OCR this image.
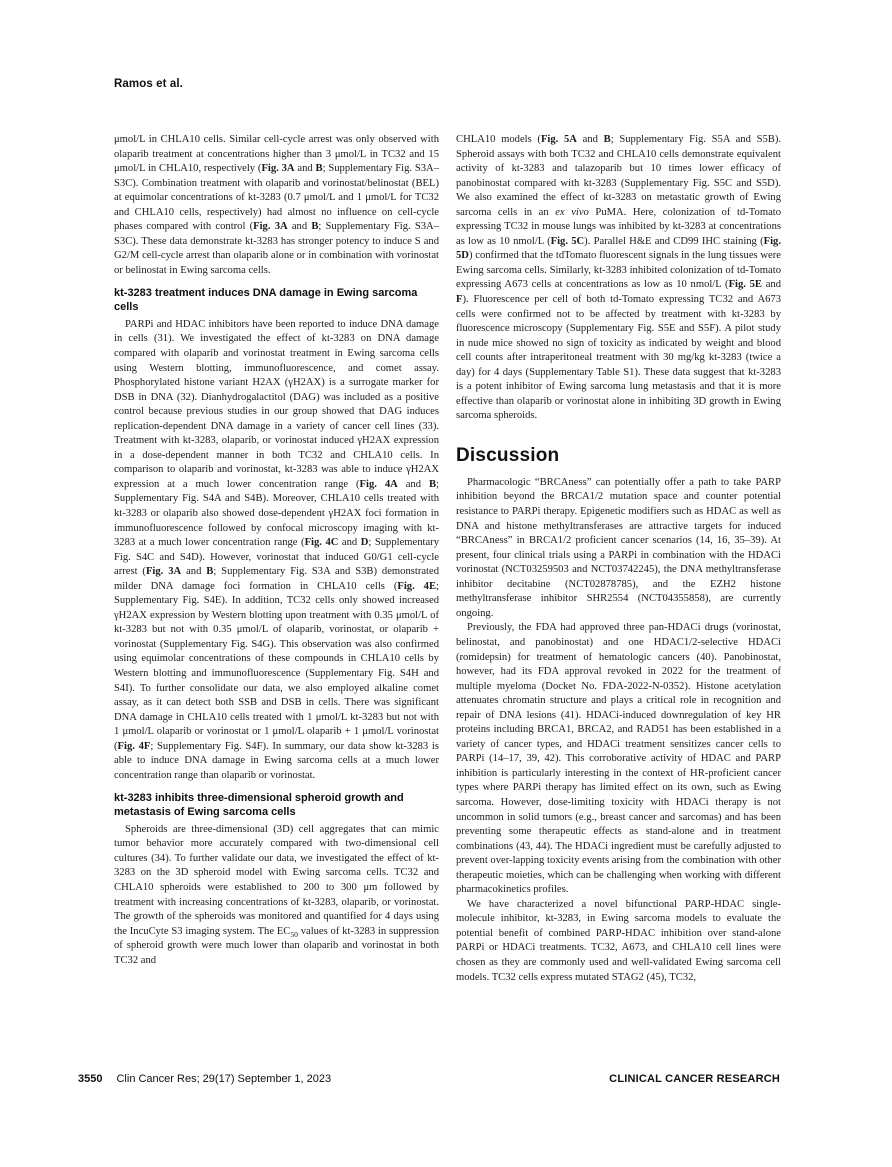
Ramos et al.

μmol/L in CHLA10 cells. Similar cell-cycle arrest was only observed with olaparib treatment at concentrations higher than 3 μmol/L in TC32 and 15 μmol/L in CHLA10, respectively (Fig. 3A and B; Supplementary Fig. S3A–S3C). Combination treatment with olaparib and vorinostat/belinostat (BEL) at equimolar concentrations of kt-3283 (0.7 μmol/L and 1 μmol/L for TC32 and CHLA10 cells, respectively) had almost no influence on cell-cycle phases compared with control (Fig. 3A and B; Supplementary Fig. S3A–S3C). These data demonstrate kt-3283 has stronger potency to induce S and G2/M cell-cycle arrest than olaparib alone or in combination with vorinostat or belinostat in Ewing sarcoma cells.

kt-3283 treatment induces DNA damage in Ewing sarcoma cells

PARPi and HDAC inhibitors have been reported to induce DNA damage in cells (31). We investigated the effect of kt-3283 on DNA damage compared with olaparib and vorinostat treatment in Ewing sarcoma cells using Western blotting, immunofluorescence, and comet assay. Phosphorylated histone variant H2AX (γH2AX) is a surrogate marker for DSB in DNA (32). Dianhydrogalactitol (DAG) was included as a positive control because previous studies in our group showed that DAG induces replication-dependent DNA damage in a variety of cancer cell lines (33). Treatment with kt-3283, olaparib, or vorinostat induced γH2AX expression in a dose-dependent manner in both TC32 and CHLA10 cells. In comparison to olaparib and vorinostat, kt-3283 was able to induce γH2AX expression at a much lower concentration range (Fig. 4A and B; Supplementary Fig. S4A and S4B). Moreover, CHLA10 cells treated with kt-3283 or olaparib also showed dose-dependent γH2AX foci formation in immunofluorescence followed by confocal microscopy imaging with kt-3283 at a much lower concentration range (Fig. 4C and D; Supplementary Fig. S4C and S4D). However, vorinostat that induced G0/G1 cell-cycle arrest (Fig. 3A and B; Supplementary Fig. S3A and S3B) demonstrated milder DNA damage foci formation in CHLA10 cells (Fig. 4E; Supplementary Fig. S4E). In addition, TC32 cells only showed increased γH2AX expression by Western blotting upon treatment with 0.35 μmol/L of kt-3283 but not with 0.35 μmol/L of olaparib, vorinostat, or olaparib + vorinostat (Supplementary Fig. S4G). This observation was also confirmed using equimolar concentrations of these compounds in CHLA10 cells by Western blotting and immunofluorescence (Supplementary Fig. S4H and S4I). To further consolidate our data, we also employed alkaline comet assay, as it can detect both SSB and DSB in cells. There was significant DNA damage in CHLA10 cells treated with 1 μmol/L kt-3283 but not with 1 μmol/L olaparib or vorinostat or 1 μmol/L olaparib + 1 μmol/L vorinostat (Fig. 4F; Supplementary Fig. S4F). In summary, our data show kt-3283 is able to induce DNA damage in Ewing sarcoma cells at a much lower concentration range than olaparib or vorinostat.

kt-3283 inhibits three-dimensional spheroid growth and metastasis of Ewing sarcoma cells

Spheroids are three-dimensional (3D) cell aggregates that can mimic tumor behavior more accurately compared with two-dimensional cell cultures (34). To further validate our data, we investigated the effect of kt-3283 on the 3D spheroid model with Ewing sarcoma cells. TC32 and CHLA10 spheroids were established to 200 to 300 μm followed by treatment with increasing concentrations of kt-3283, olaparib, or vorinostat. The growth of the spheroids was monitored and quantified for 4 days using the IncuCyte S3 imaging system. The $EC_{50}$ values of kt-3283 in suppression of spheroid growth were much lower than olaparib and vorinostat in both TC32 and

CHLA10 models (Fig. 5A and B; Supplementary Fig. S5A and S5B). Spheroid assays with both TC32 and CHLA10 cells demonstrate equivalent activity of kt-3283 and talazoparib but 10 times lower efficacy of panobinostat compared with kt-3283 (Supplementary Fig. S5C and S5D). We also examined the effect of kt-3283 on metastatic growth of Ewing sarcoma cells in an ex vivo PuMA. Here, colonization of td-Tomato expressing TC32 in mouse lungs was inhibited by kt-3283 at concentrations as low as 10 nmol/L (Fig. 5C). Parallel H&E and CD99 IHC staining (Fig. 5D) confirmed that the tdTomato fluorescent signals in the lung tissues were Ewing sarcoma cells. Similarly, kt-3283 inhibited colonization of td-Tomato expressing A673 cells at concentrations as low as 10 nmol/L (Fig. 5E and F). Fluorescence per cell of both td-Tomato expressing TC32 and A673 cells were confirmed not to be affected by treatment with kt-3283 by fluorescence microscopy (Supplementary Fig. S5E and S5F). A pilot study in nude mice showed no sign of toxicity as indicated by weight and blood cell counts after intraperitoneal treatment with 30 mg/kg kt-3283 (twice a day) for 4 days (Supplementary Table S1). These data suggest that kt-3283 is a potent inhibitor of Ewing sarcoma lung metastasis and that it is more effective than olaparib or vorinostat alone in inhibiting 3D growth in Ewing sarcoma spheroids.

Discussion

Pharmacologic “BRCAness” can potentially offer a path to take PARP inhibition beyond the BRCA1/2 mutation space and counter potential resistance to PARPi therapy. Epigenetic modifiers such as HDAC as well as DNA and histone methyltransferases are attractive targets for induced “BRCAness” in BRCA1/2 proficient cancer scenarios (14, 16, 35–39). At present, four clinical trials using a PARPi in combination with the HDACi vorinostat (NCT03259503 and NCT03742245), the DNA methyltransferase inhibitor decitabine (NCT02878785), and the EZH2 histone methyltransferase inhibitor SHR2554 (NCT04355858), are currently ongoing.

Previously, the FDA had approved three pan-HDACi drugs (vorinostat, belinostat, and panobinostat) and one HDAC1/2-selective HDACi (romidepsin) for treatment of hematologic cancers (40). Panobinostat, however, had its FDA approval revoked in 2022 for the treatment of multiple myeloma (Docket No. FDA-2022-N-0352). Histone acetylation attenuates chromatin structure and plays a critical role in recognition and repair of DNA lesions (41). HDACi-induced downregulation of key HR proteins including BRCA1, BRCA2, and RAD51 has been established in a variety of cancer types, and HDACi treatment sensitizes cancer cells to PARPi (14–17, 39, 42). This corroborative activity of HDAC and PARP inhibition is particularly interesting in the context of HR-proficient cancer types where PARPi therapy has limited effect on its own, such as Ewing sarcoma. However, dose-limiting toxicity with HDACi therapy is not uncommon in solid tumors (e.g., breast cancer and sarcomas) and has been preventing some therapeutic effects as stand-alone and in treatment combinations (43, 44). The HDACi ingredient must be carefully adjusted to prevent over-lapping toxicity events arising from the combination with other therapeutic moieties, which can be challenging when working with different pharmacokinetics profiles.

We have characterized a novel bifunctional PARP-HDAC single-molecule inhibitor, kt-3283, in Ewing sarcoma models to evaluate the potential benefit of combined PARP-HDAC inhibition over stand-alone PARPi or HDACi treatments. TC32, A673, and CHLA10 cell lines were chosen as they are commonly used and well-validated Ewing sarcoma cell models. TC32 cells express mutated STAG2 (45), TC32,

3550 Clin Cancer Res; 29(17) September 1, 2023	CLINICAL CANCER RESEARCH
